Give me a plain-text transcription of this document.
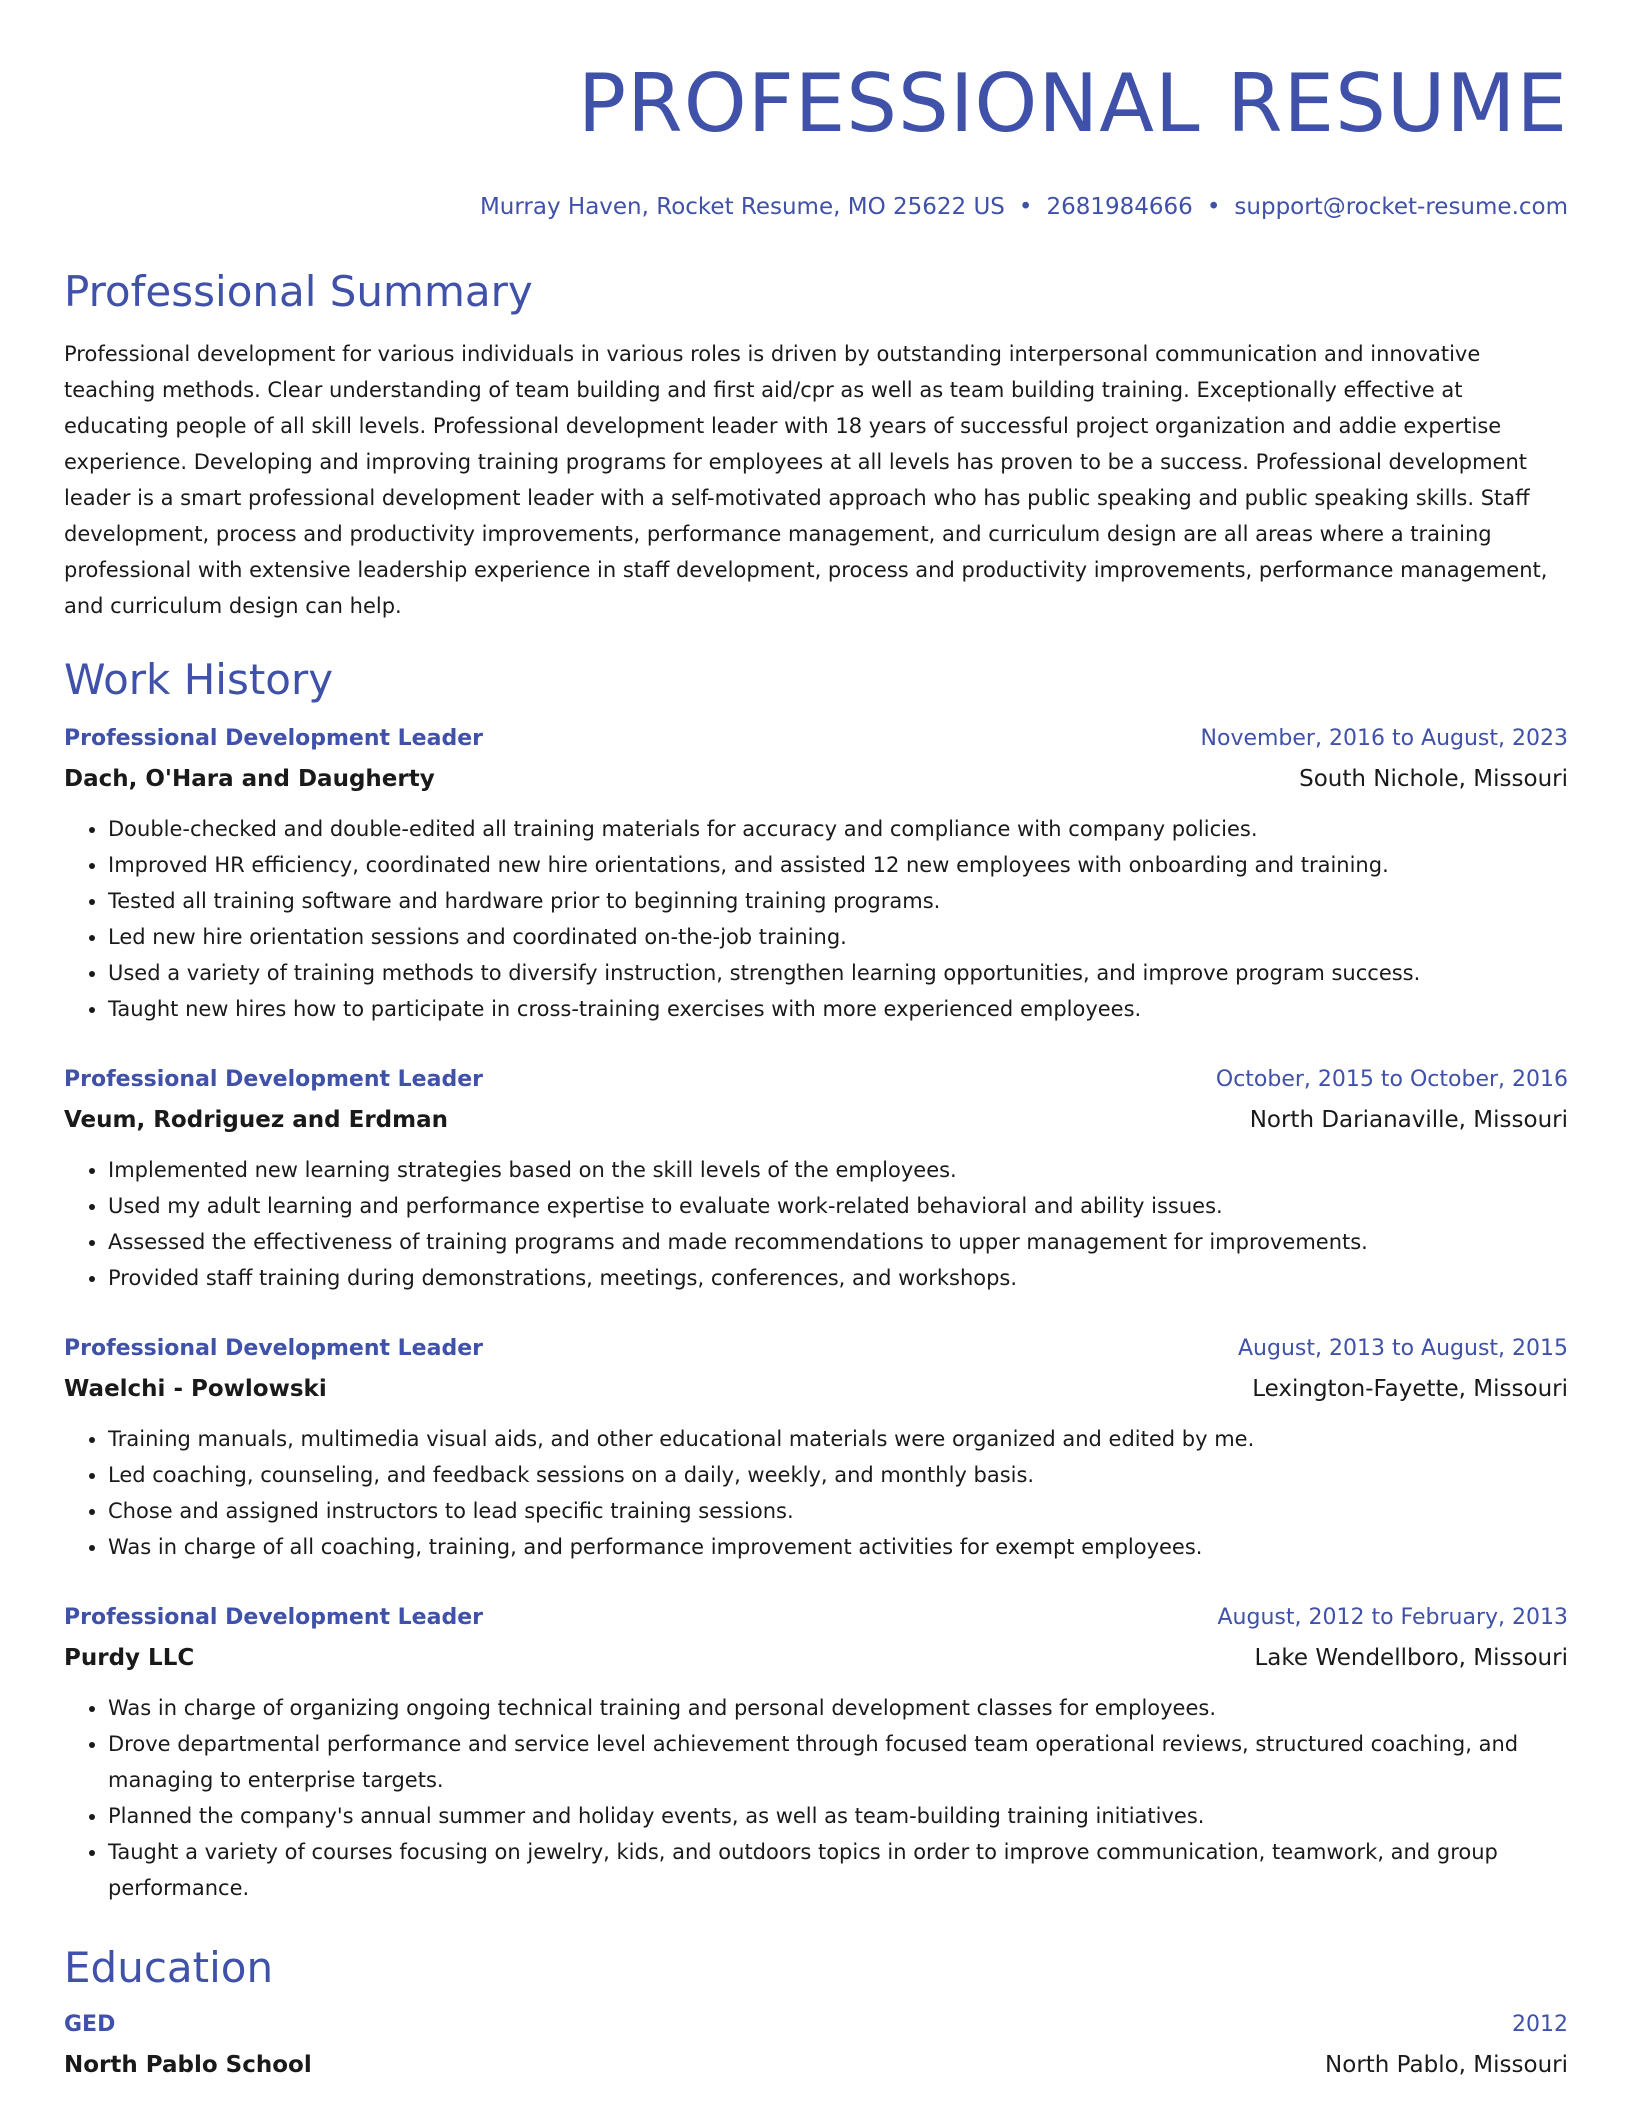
PROFESSIONAL RESUME
Murray Haven, Rocket Resume, MO 25622 US • 2681984666 • support@rocket-resume.com
Professional Summary
Professional development for various individuals in various roles is driven by outstanding interpersonal communication and innovative teaching methods. Clear understanding of team building and first aid/cpr as well as team building training. Exceptionally effective at educating people of all skill levels. Professional development leader with 18 years of successful project organization and addie expertise experience. Developing and improving training programs for employees at all levels has proven to be a success. Professional development leader is a smart professional development leader with a self-motivated approach who has public speaking and public speaking skills. Staff development, process and productivity improvements, performance management, and curriculum design are all areas where a training professional with extensive leadership experience in staff development, process and productivity improvements, performance management, and curriculum design can help.
Work History
Professional Development Leader	November, 2016 to August, 2023
Dach, O'Hara and Daugherty	South Nichole, Missouri
• Double-checked and double-edited all training materials for accuracy and compliance with company policies.
• Improved HR efficiency, coordinated new hire orientations, and assisted 12 new employees with onboarding and training.
• Tested all training software and hardware prior to beginning training programs.
• Led new hire orientation sessions and coordinated on-the-job training.
• Used a variety of training methods to diversify instruction, strengthen learning opportunities, and improve program success.
• Taught new hires how to participate in cross-training exercises with more experienced employees.
Professional Development Leader	October, 2015 to October, 2016
Veum, Rodriguez and Erdman	North Darianaville, Missouri
• Implemented new learning strategies based on the skill levels of the employees.
• Used my adult learning and performance expertise to evaluate work-related behavioral and ability issues.
• Assessed the effectiveness of training programs and made recommendations to upper management for improvements.
• Provided staff training during demonstrations, meetings, conferences, and workshops.
Professional Development Leader	August, 2013 to August, 2015
Waelchi - Powlowski	Lexington-Fayette, Missouri
• Training manuals, multimedia visual aids, and other educational materials were organized and edited by me.
• Led coaching, counseling, and feedback sessions on a daily, weekly, and monthly basis.
• Chose and assigned instructors to lead specific training sessions.
• Was in charge of all coaching, training, and performance improvement activities for exempt employees.
Professional Development Leader	August, 2012 to February, 2013
Purdy LLC	Lake Wendellboro, Missouri
• Was in charge of organizing ongoing technical training and personal development classes for employees.
• Drove departmental performance and service level achievement through focused team operational reviews, structured coaching, and managing to enterprise targets.
• Planned the company's annual summer and holiday events, as well as team-building training initiatives.
• Taught a variety of courses focusing on jewelry, kids, and outdoors topics in order to improve communication, teamwork, and group performance.
Education
GED	2012
North Pablo School	North Pablo, Missouri
